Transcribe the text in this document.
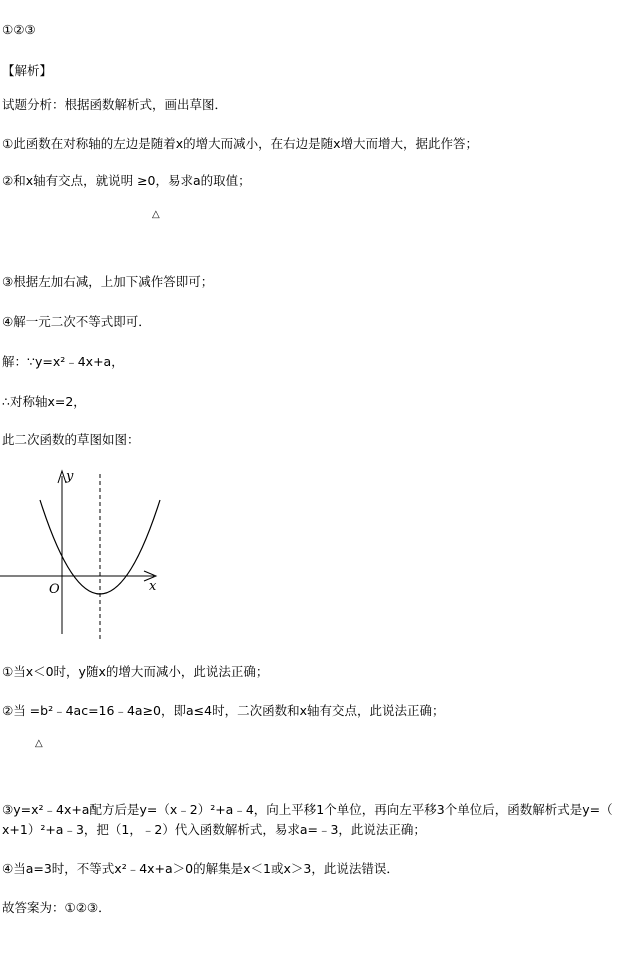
①②③
【解析】
试题分析：根据函数解析式，画出草图．
①此函数在对称轴的左边是随着x的增大而减小，在右边是随x增大而增大，据此作答；
②和x轴有交点，就说明 ≥0，易求a的取值；
△
③根据左加右减，上加下减作答即可；
④解一元二次不等式即可．
解：∵y=x²﹣4x+a，
∴对称轴x=2，
此二次函数的草图如图：
y
x
O
①当x＜0时，y随x的增大而减小，此说法正确；
②当 =b²﹣4ac=16﹣4a≥0，即a≤4时，二次函数和x轴有交点，此说法正确；
△
③y=x²﹣4x+a配方后是y=（x﹣2）²+a﹣4，向上平移1个单位，再向左平移3个单位后，函数解析式是y=（
x+1）²+a﹣3，把（1，﹣2）代入函数解析式，易求a=﹣3，此说法正确；
④当a=3时，不等式x²﹣4x+a＞0的解集是x＜1或x＞3，此说法错误．
故答案为：①②③．
